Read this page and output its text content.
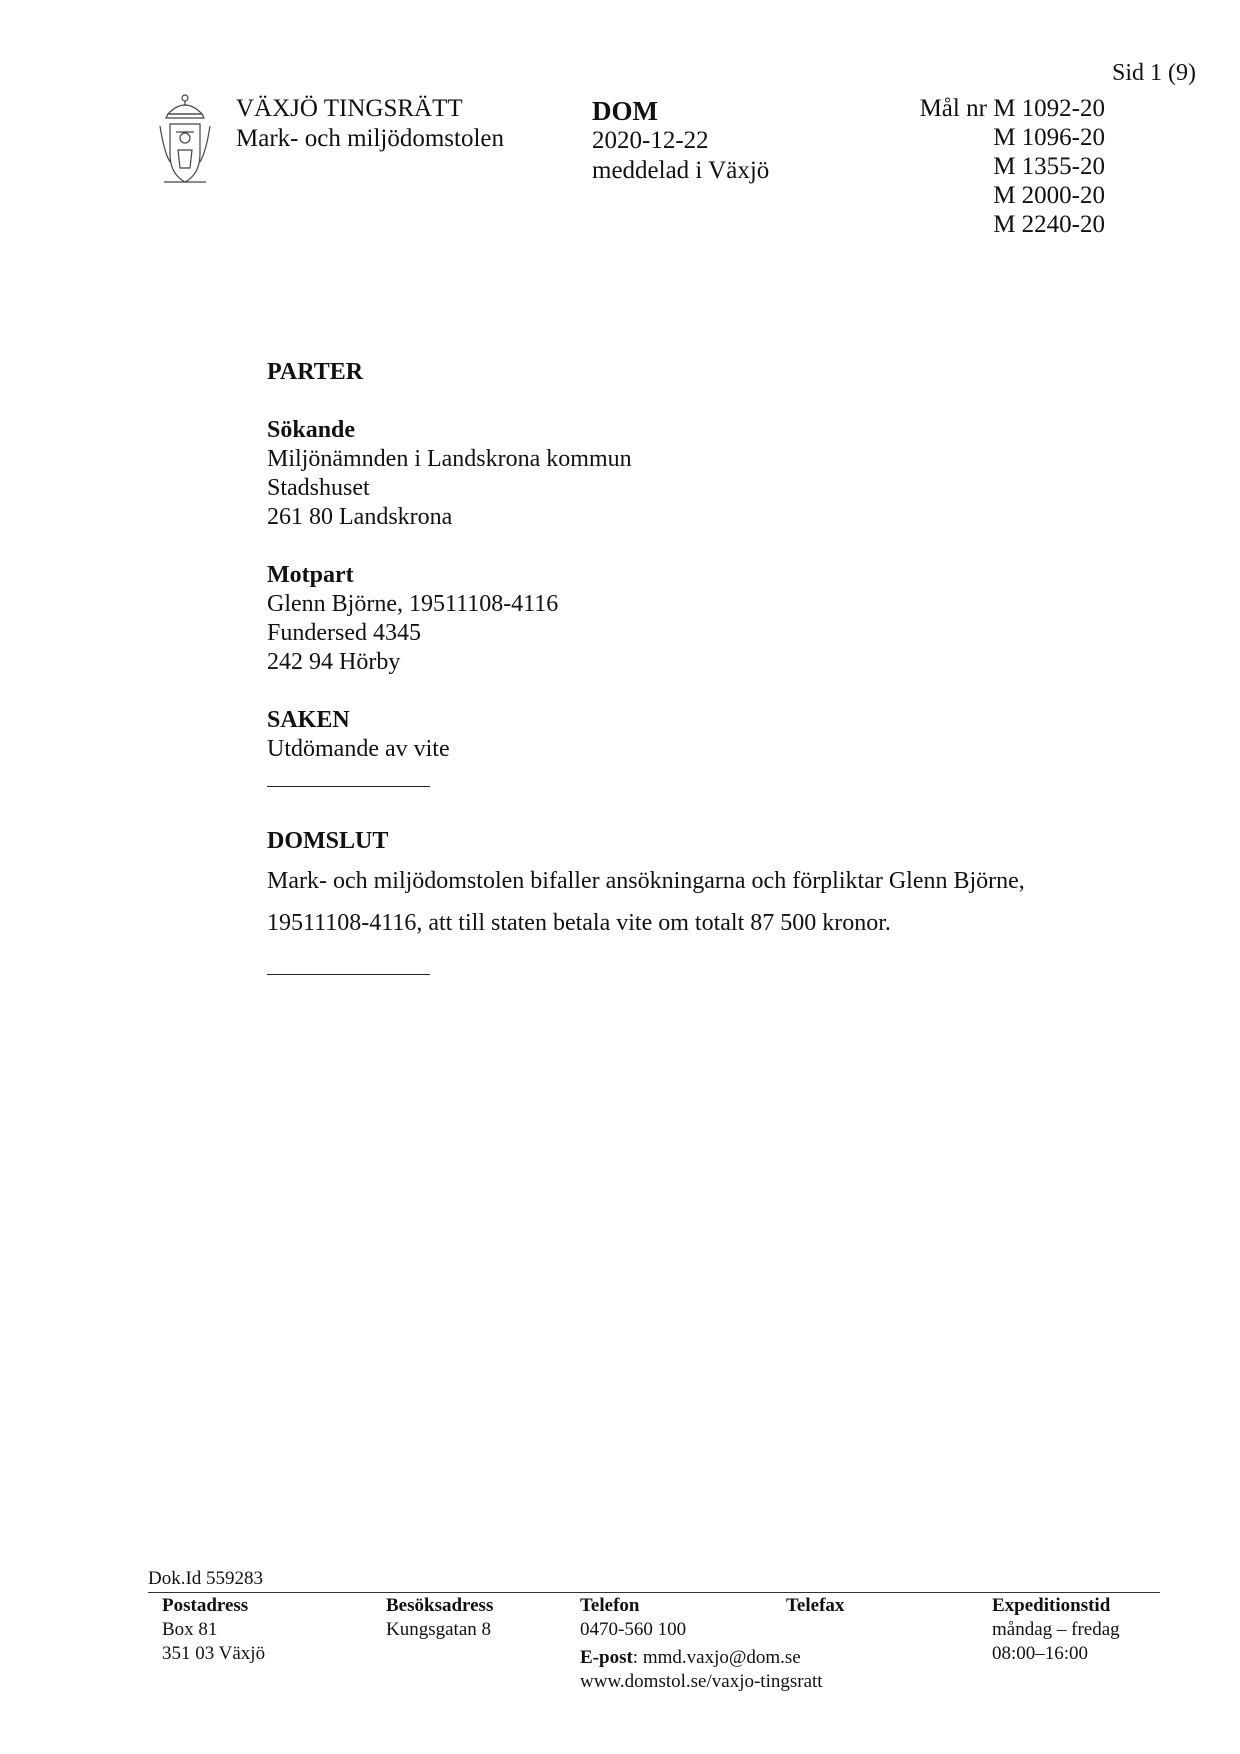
Sid 1 (9)
VÄXJÖ TINGSRÄTT
Mark- och miljödomstolen
DOM
2020-12-22
meddelad i Växjö
Mål nr M 1092-20
M 1096-20
M 1355-20
M 2000-20
M 2240-20
PARTER
Sökande
Miljönämnden i Landskrona kommun
Stadshuset
261 80 Landskrona
Motpart
Glenn Björne, 19511108-4116
Fundersed 4345
242 94 Hörby
SAKEN
Utdömande av vite
DOMSLUT
Mark- och miljödomstolen bifaller ansökningarna och förpliktar Glenn Björne,
19511108-4116, att till staten betala vite om totalt 87 500 kronor.
Dok.Id 559283
Postadress
Box 81
351 03 Växjö
Besöksadress
Kungsgatan 8
Telefon
0470-560 100
E-post: mmd.vaxjo@dom.se
www.domstol.se/vaxjo-tingsratt
Telefax	Expeditionstid
måndag – fredag
08:00–16:00
